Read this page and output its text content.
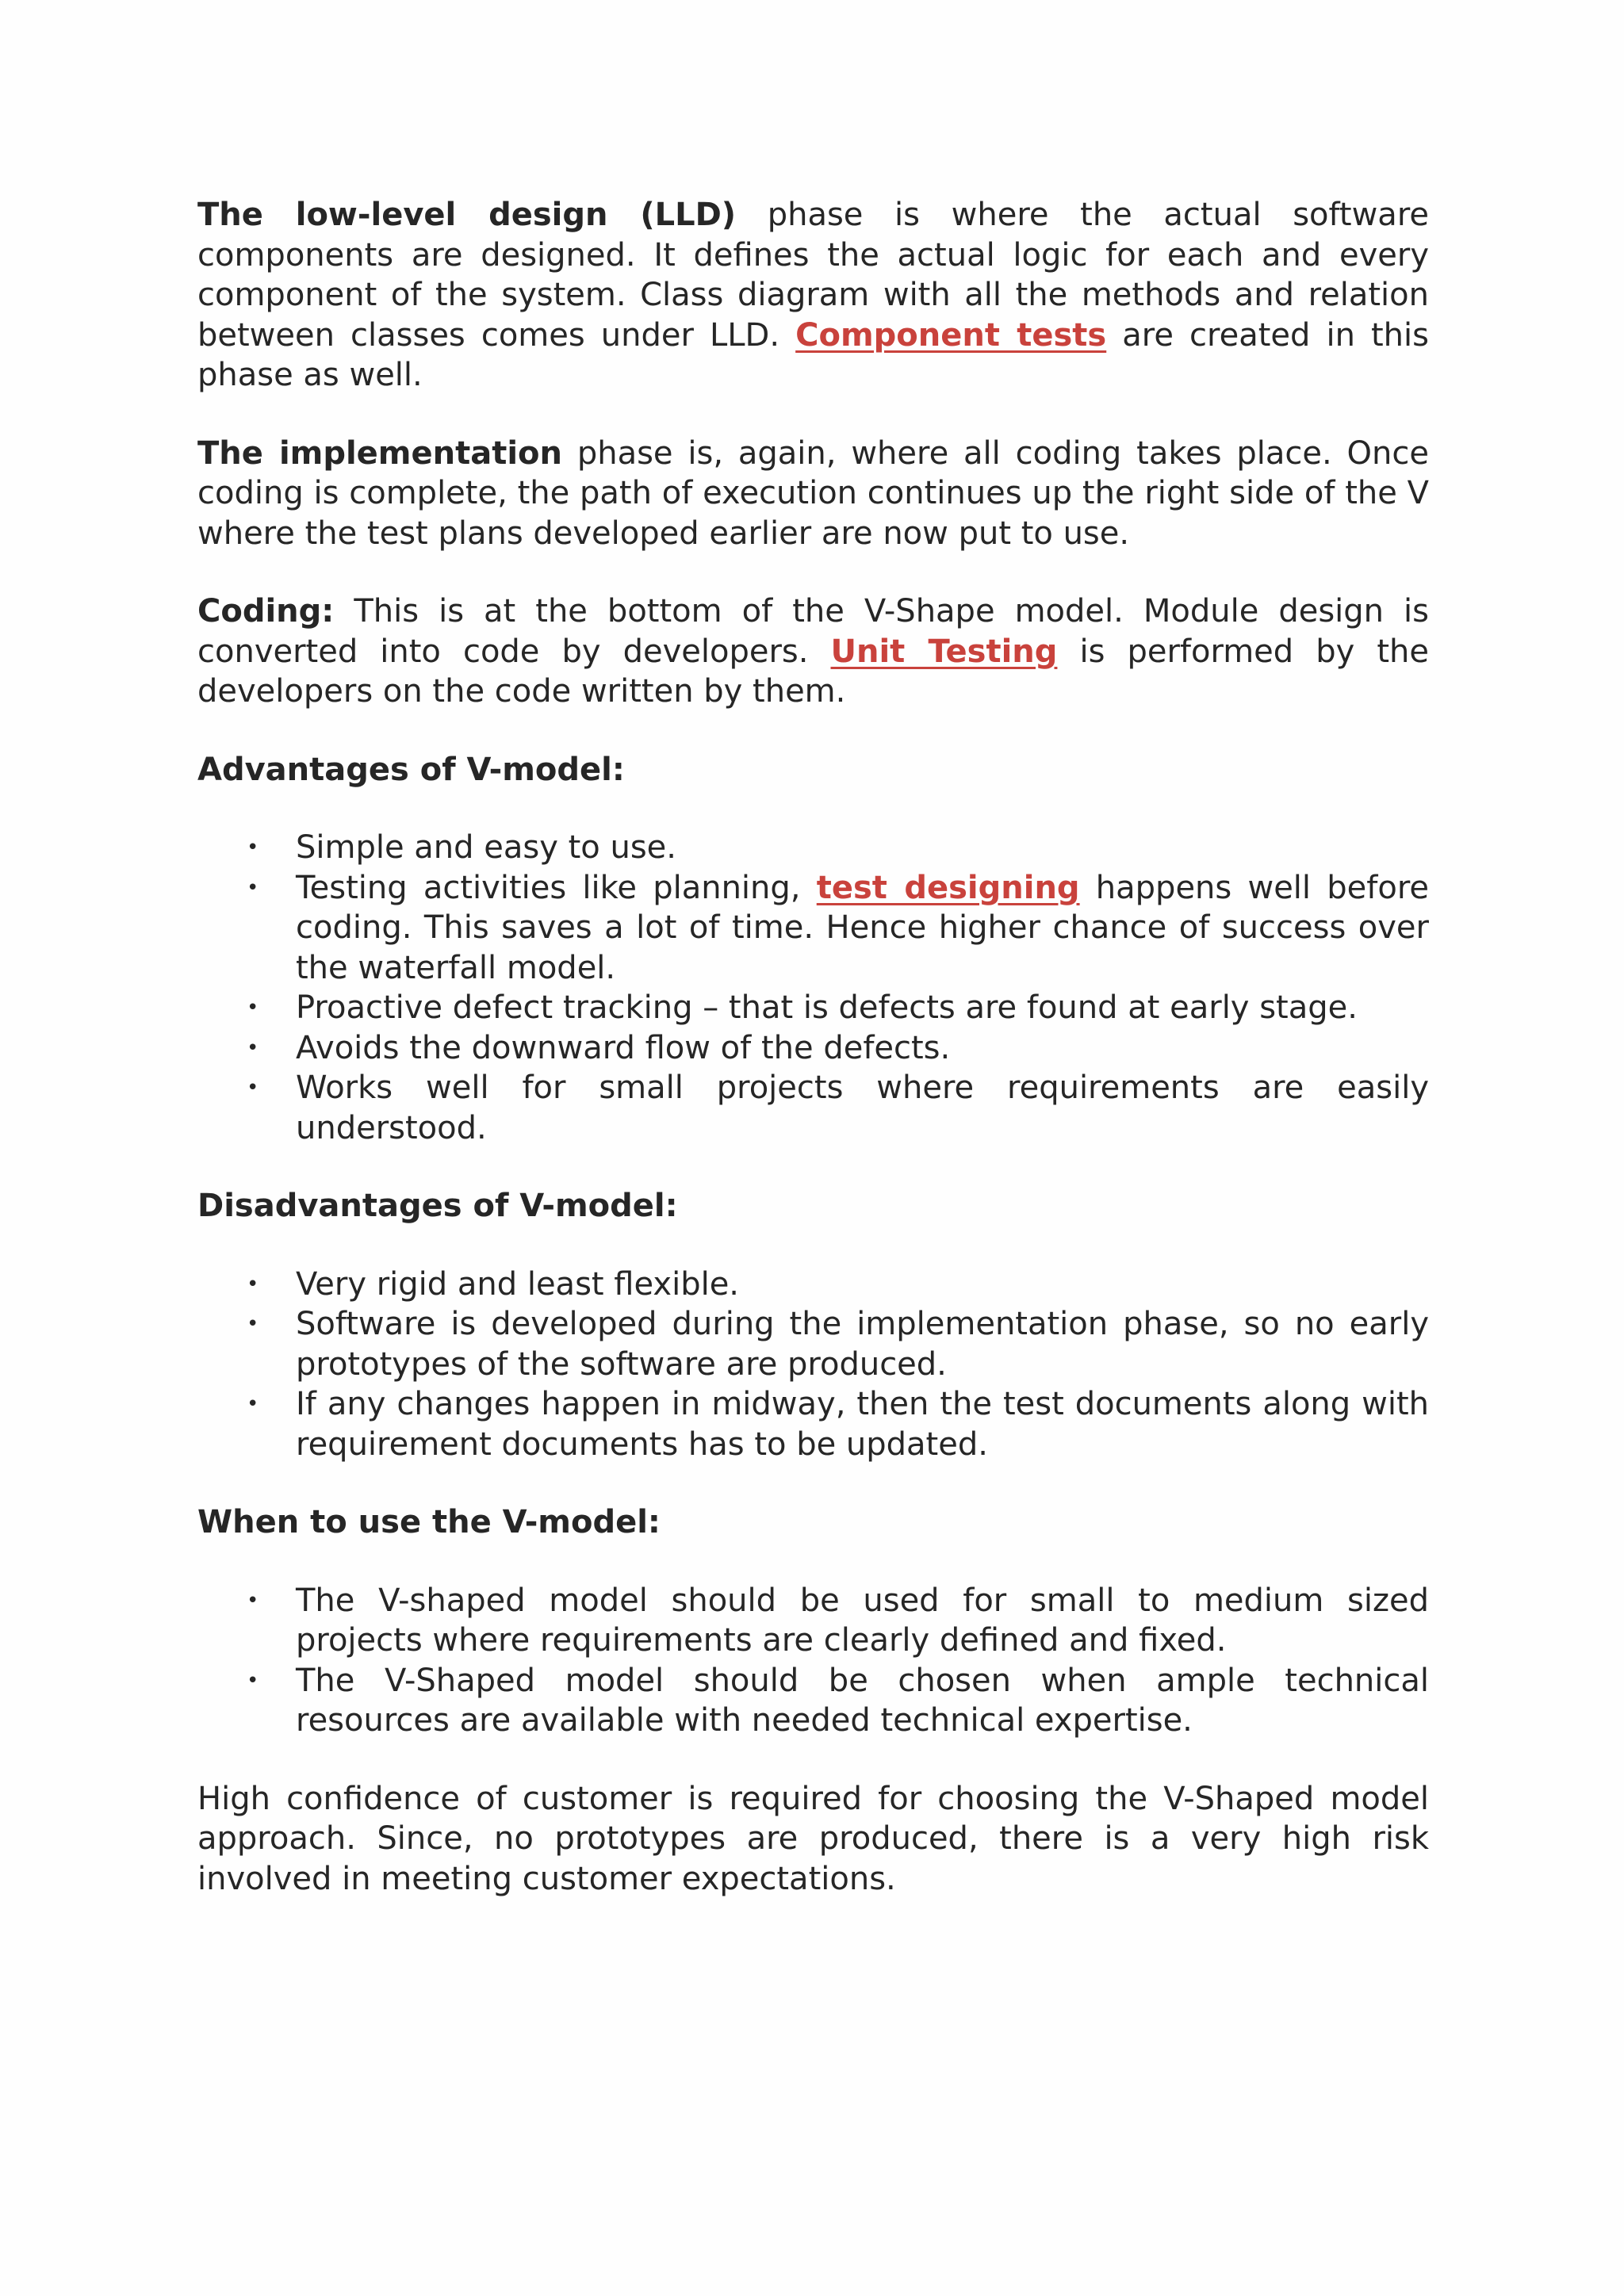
The low-level design (LLD) phase is where the actual software components are designed. It defines the actual logic for each and every component of the system. Class diagram with all the methods and relation between classes comes under LLD. Component tests are created in this phase as well.

The implementation phase is, again, where all coding takes place. Once coding is complete, the path of execution continues up the right side of the V where the test plans developed earlier are now put to use.

Coding: This is at the bottom of the V-Shape model. Module design is converted into code by developers. Unit Testing is performed by the developers on the code written by them.

Advantages of V-model:
• Simple and easy to use.
• Testing activities like planning, test designing happens well before coding. This saves a lot of time. Hence higher chance of success over the waterfall model.
• Proactive defect tracking – that is defects are found at early stage.
• Avoids the downward flow of the defects.
• Works well for small projects where requirements are easily understood.
Disadvantages of V-model:
• Very rigid and least flexible.
• Software is developed during the implementation phase, so no early prototypes of the software are produced.
• If any changes happen in midway, then the test documents along with requirement documents has to be updated.
When to use the V-model:
• The V-shaped model should be used for small to medium sized projects where requirements are clearly defined and fixed.
• The V-Shaped model should be chosen when ample technical resources are available with needed technical expertise.

High confidence of customer is required for choosing the V-Shaped model approach. Since, no prototypes are produced, there is a very high risk involved in meeting customer expectations.
